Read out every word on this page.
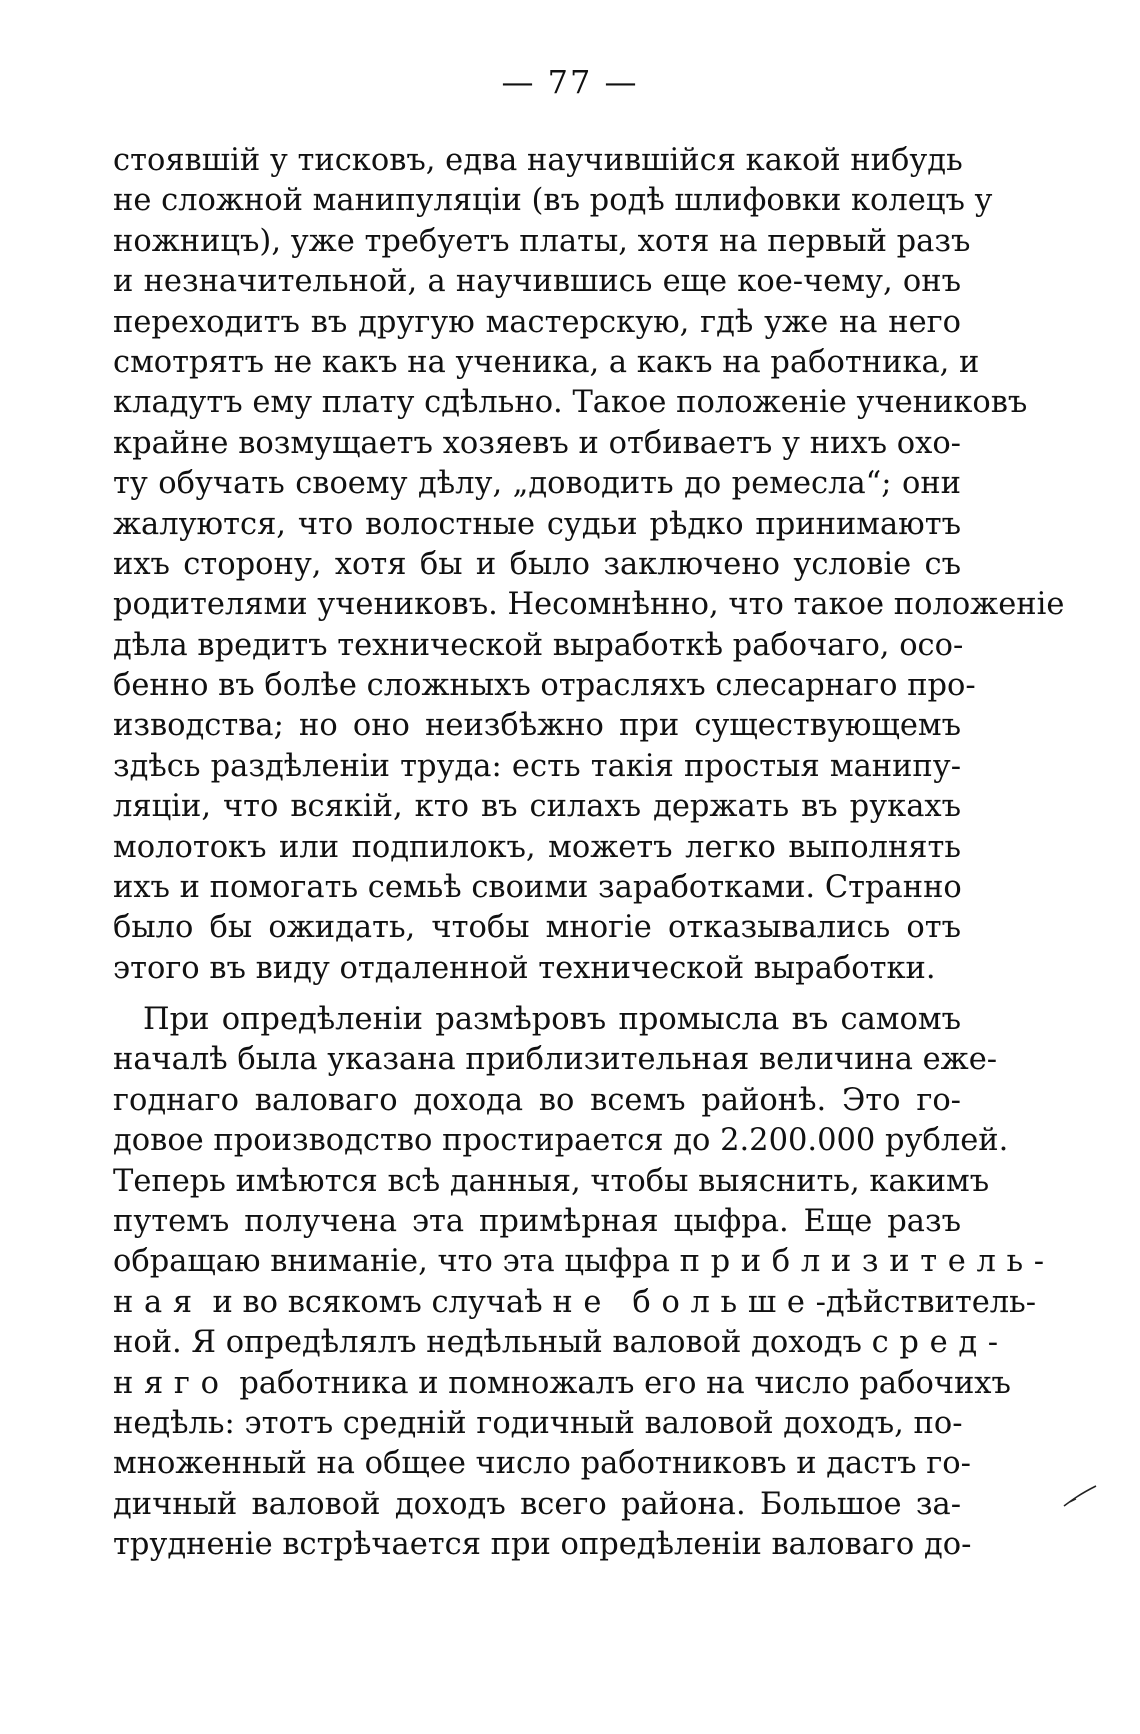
— 77 —
стоявшій у тисковъ, едва научившійся какой нибудь
не сложной манипуляціи (въ родѣ шлифовки колецъ у
ножницъ), уже требуетъ платы, хотя на первый разъ
и незначительной, а научившись еще кое-чему, онъ
переходитъ въ другую мастерскую, гдѣ уже на него
смотрятъ не какъ на ученика, а какъ на работника, и
кладутъ ему плату сдѣльно. Такое положеніе учениковъ
крайне возмущаетъ хозяевъ и отбиваетъ у нихъ охо-
ту обучать своему дѣлу, „доводить до ремесла“; они
жалуются, что волостные судьи рѣдко принимаютъ
ихъ сторону, хотя бы и было заключено условіе съ
родителями учениковъ. Несомнѣнно, что такое положеніе
дѣла вредитъ технической выработкѣ рабочаго, осо-
бенно въ болѣе сложныхъ отрасляхъ слесарнаго про-
изводства; но оно неизбѣжно при существующемъ
здѣсь раздѣленіи труда: есть такія простыя манипу-
ляціи, что всякій, кто въ силахъ держать въ рукахъ
молотокъ или подпилокъ, можетъ легко выполнять
ихъ и помогать семьѣ своими заработками. Странно
было бы ожидать, чтобы многіе отказывались отъ
этого въ виду отдаленной технической выработки.
При опредѣленіи размѣровъ промысла въ самомъ
началѣ была указана приблизительная величина еже-
годнаго валоваго дохода во всемъ районѣ. Это го-
довое производство простирается до 2.200.000 рублей.
Теперь имѣются всѣ данныя, чтобы выяснить, какимъ
путемъ получена эта примѣрная цыфра. Еще разъ
обращаю вниманіе, что эта цыфра приблизитель-
ная и во всякомъ случаѣ не больше-дѣйствитель-
ной. Я опредѣлялъ недѣльный валовой доходъ сред-
няго работника и помножалъ его на число рабочихъ
недѣль: этотъ средній годичный валовой доходъ, по-
множенный на общее число работниковъ и дастъ го-
дичный валовой доходъ всего района. Большое за-
трудненіе встрѣчается при опредѣленіи валоваго до-
